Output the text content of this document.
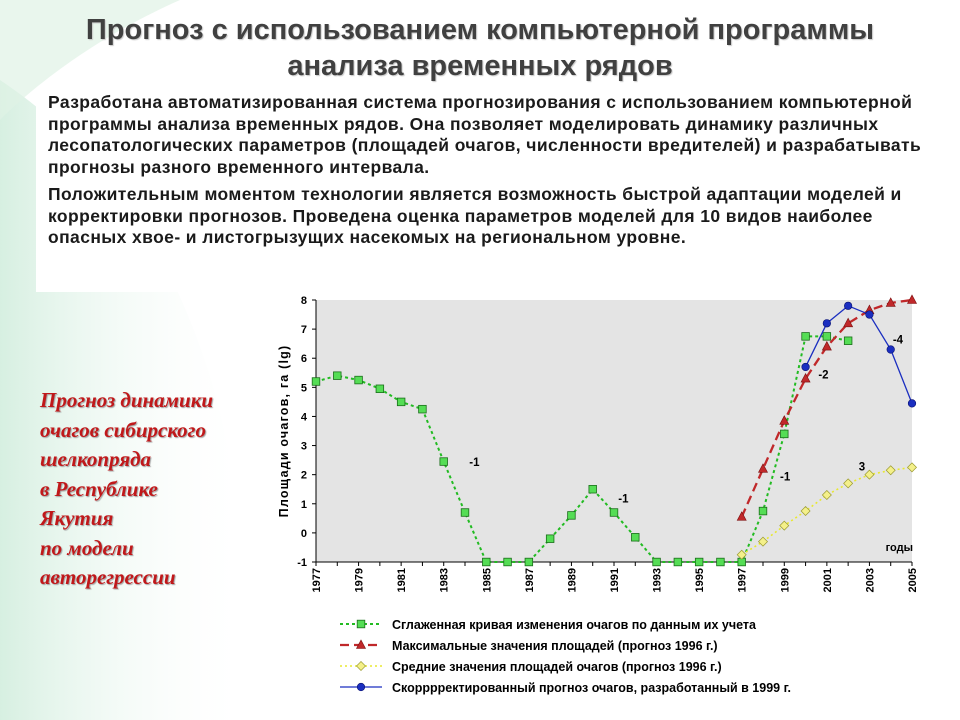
Прогноз с использованием компьютерной программы
анализа временных рядов

Разработана автоматизированная система прогнозирования с использованием компьютерной программы анализа временных рядов. Она позволяет моделировать динамику различных лесопатологических параметров (площадей очагов, численности вредителей) и разрабатывать прогнозы разного временного интервала.

Положительным моментом технологии является возможность быстрой адаптации моделей и корректировки прогнозов. Проведена оценка параметров моделей для 10 видов наиболее опасных хвое- и листогрызущих насекомых на региональном уровне.

Прогноз динамики
очагов сибирского
шелкопряда
в Республике
Якутия
по модели
авторегрессии
-1
0
1
2
3
4
5
6
7
8
1977	1979	1981	1983	1985	1987	1989	1991	1993	1995	1997	1999	2001	2003	2005
Площади очагов, га (lg)
годы
-1
-1
-1
-2
-4
3
Сглаженная кривая изменения очагов по данным их учета
Максимальные значения площадей (прогноз 1996 г.)
Средние значения площадей очагов (прогноз 1996 г.)
Скорррректированный прогноз очагов, разработанный в 1999 г.
